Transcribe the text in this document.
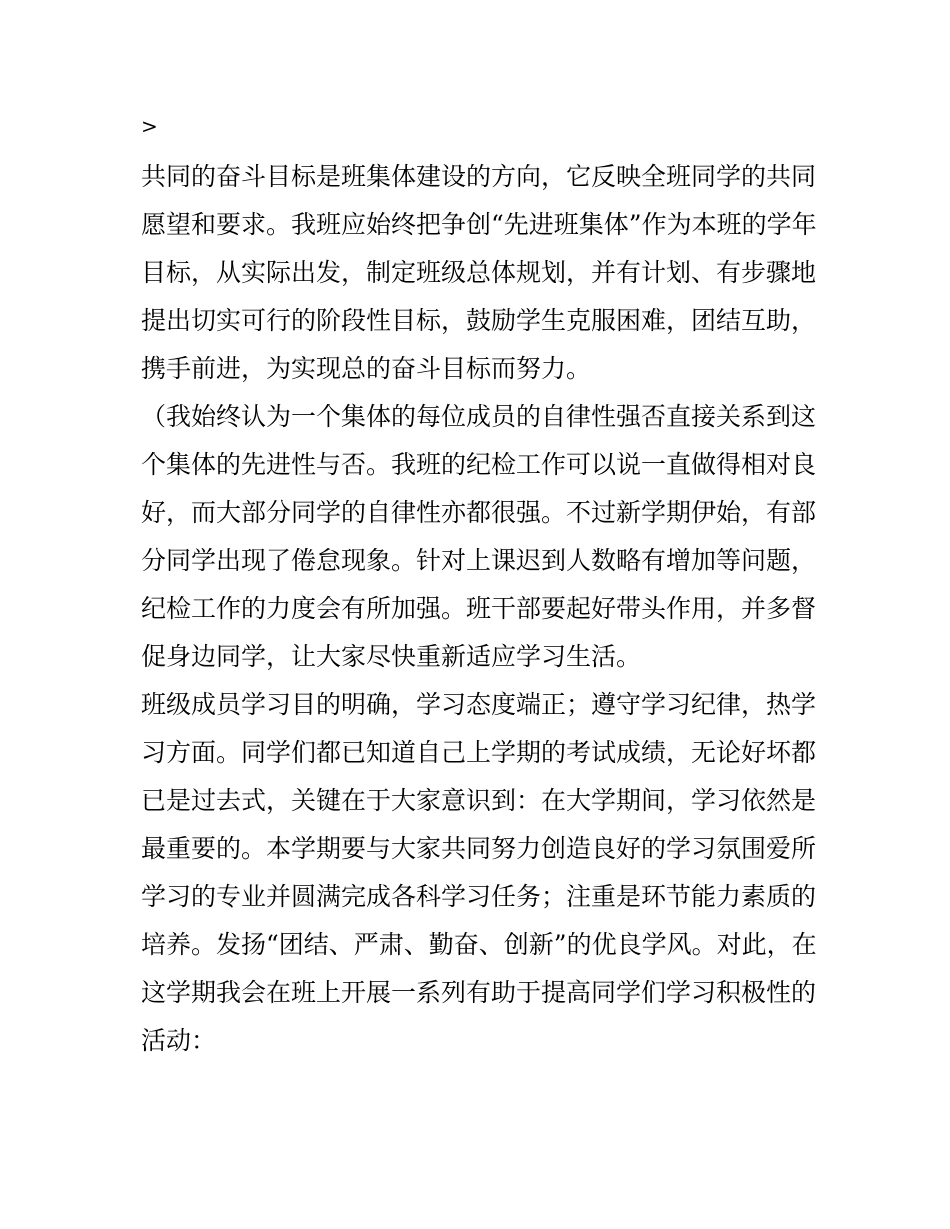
>
共同的奋斗目标是班集体建设的方向，它反映全班同学的共同
愿望和要求。我班应始终把争创“先进班集体”作为本班的学年
目标，从实际出发，制定班级总体规划，并有计划、有步骤地
提出切实可行的阶段性目标，鼓励学生克服困难，团结互助，
携手前进，为实现总的奋斗目标而努力。
（我始终认为一个集体的每位成员的自律性强否直接关系到这
个集体的先进性与否。我班的纪检工作可以说一直做得相对良
好，而大部分同学的自律性亦都很强。不过新学期伊始，有部
分同学出现了倦怠现象。针对上课迟到人数略有增加等问题，
纪检工作的力度会有所加强。班干部要起好带头作用，并多督
促身边同学，让大家尽快重新适应学习生活。
班级成员学习目的明确，学习态度端正；遵守学习纪律，热学
习方面。同学们都已知道自己上学期的考试成绩，无论好坏都
已是过去式，关键在于大家意识到：在大学期间，学习依然是
最重要的。本学期要与大家共同努力创造良好的学习氛围爱所
学习的专业并圆满完成各科学习任务；注重是环节能力素质的
培养。发扬“团结、严肃、勤奋、创新”的优良学风。对此，在
这学期我会在班上开展一系列有助于提高同学们学习积极性的
活动：
